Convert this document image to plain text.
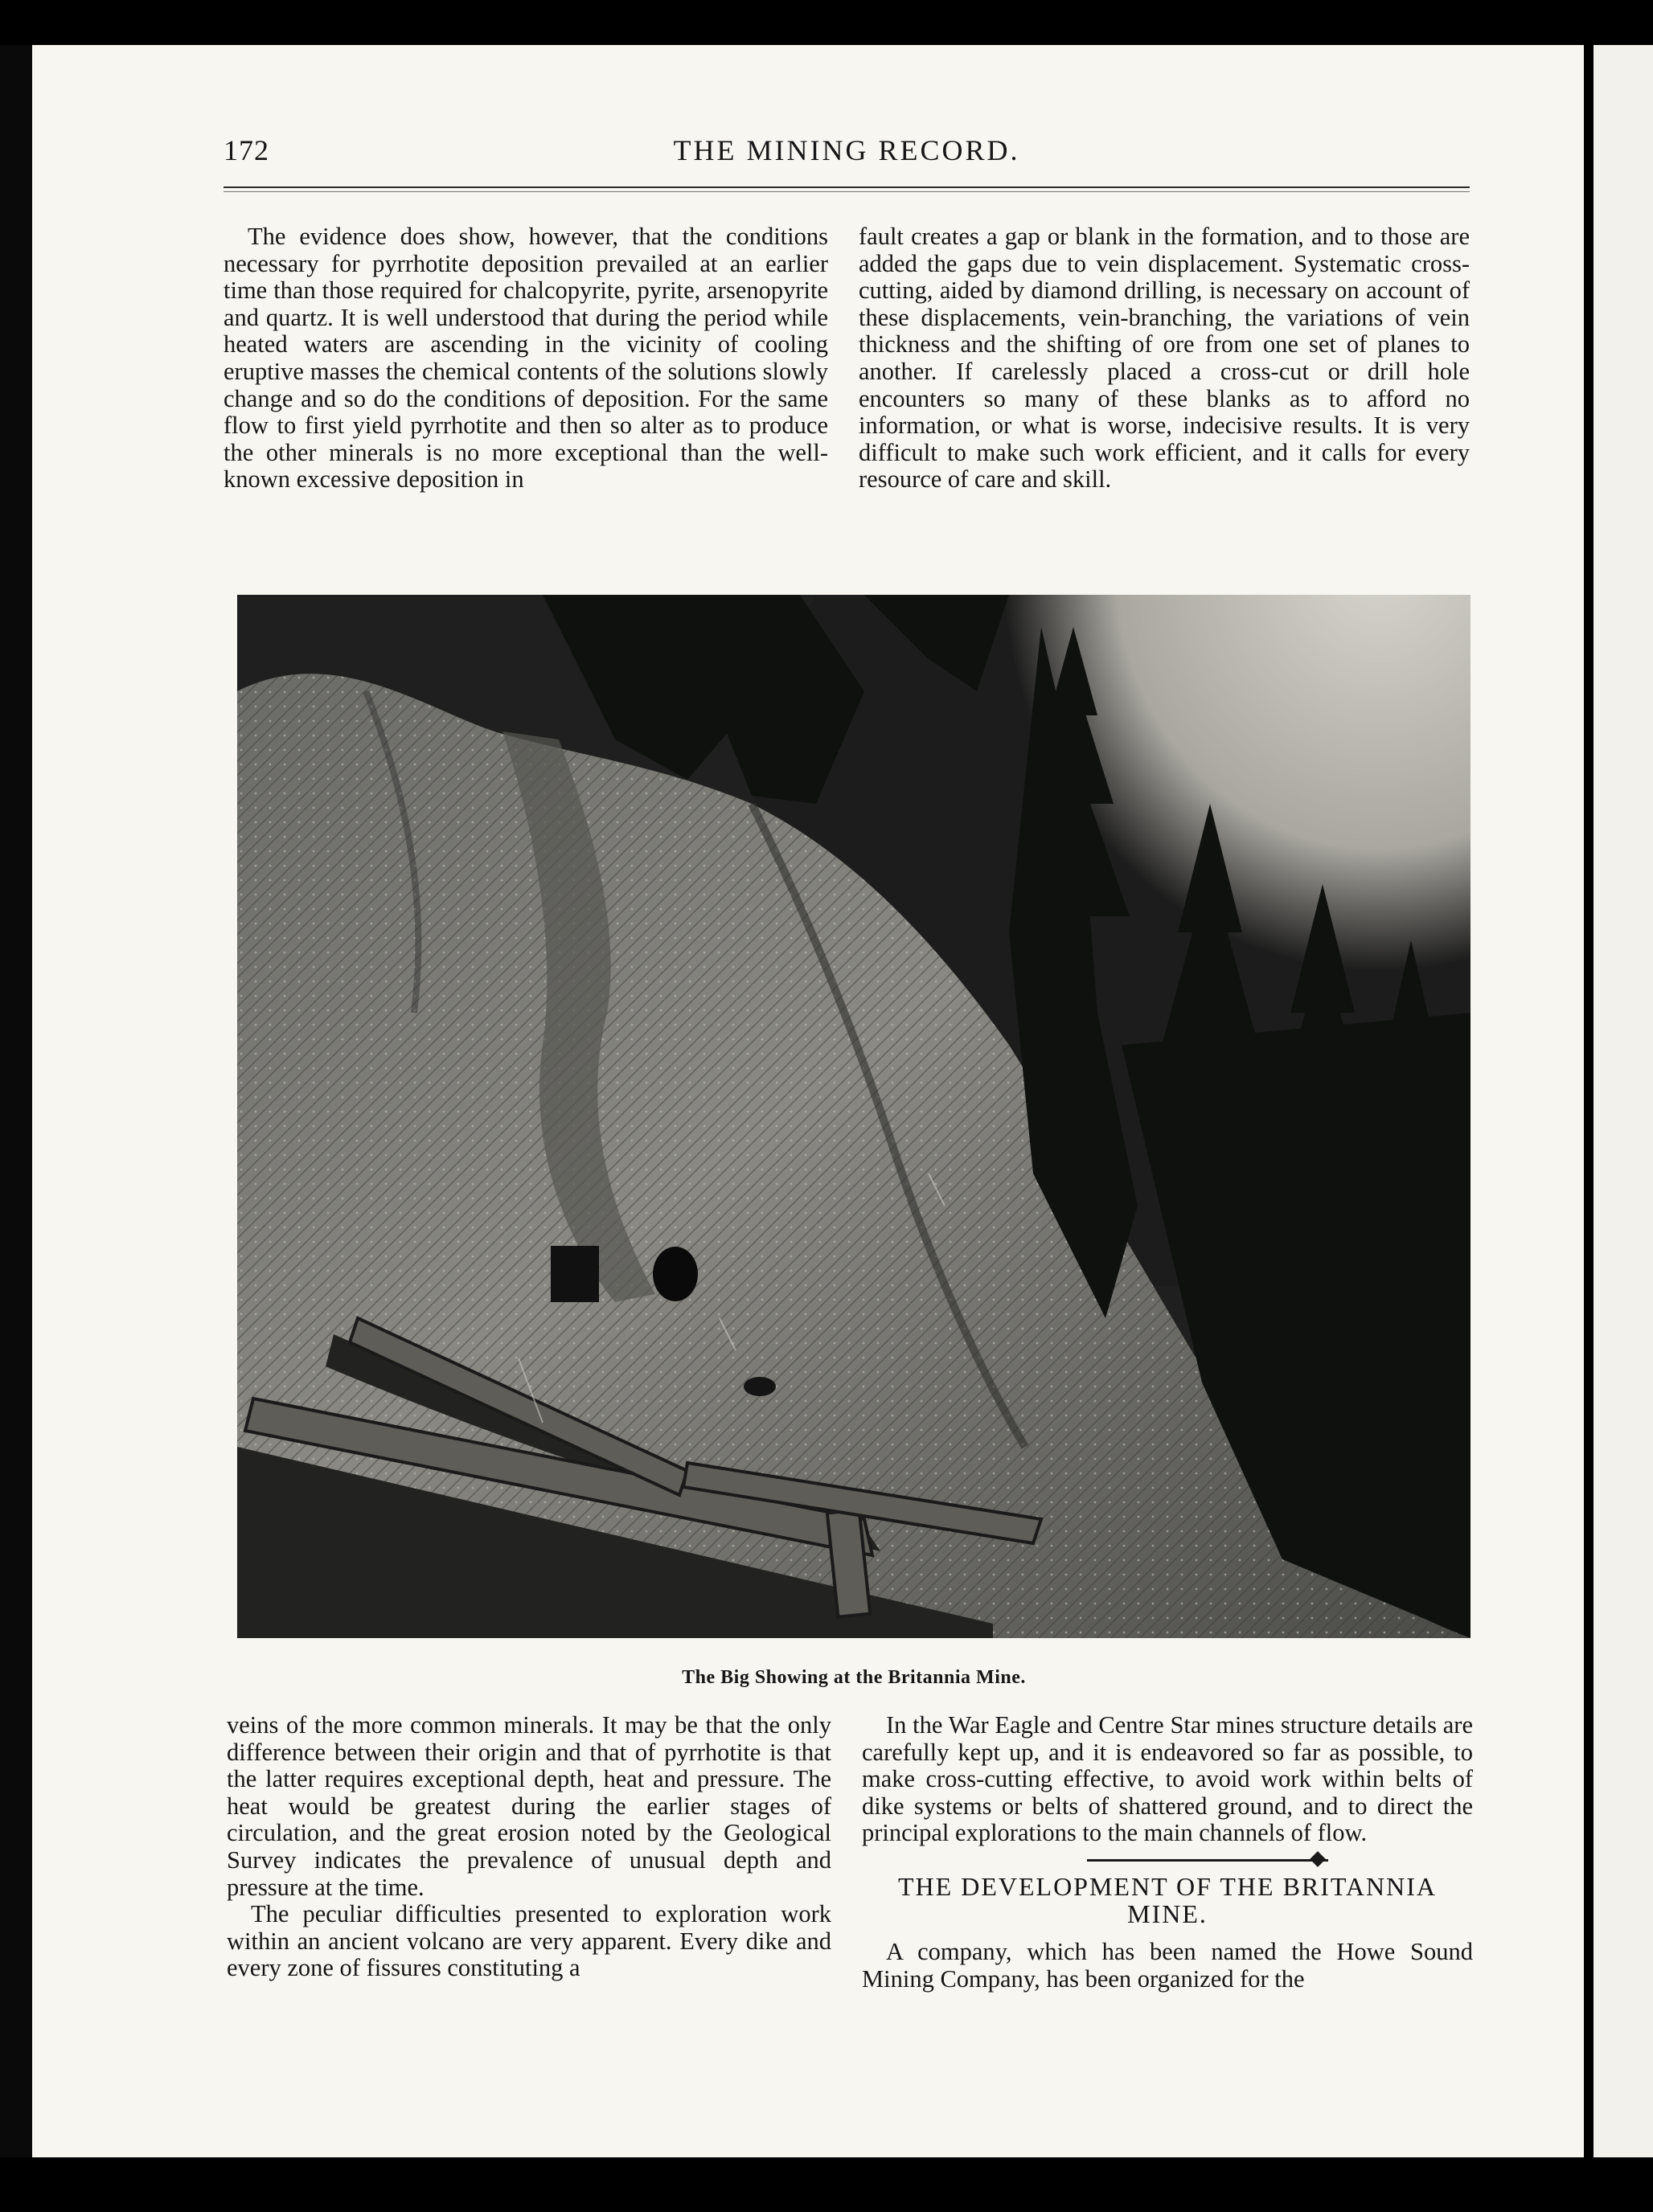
172	THE MINING RECORD.

The evidence does show, however, that the conditions necessary for pyrrhotite deposition prevailed at an earlier time than those required for chalcopyrite, pyrite, arsenopyrite and quartz. It is well understood that during the period while heated waters are ascending in the vicinity of cooling eruptive masses the chemical contents of the solutions slowly change and so do the conditions of deposition. For the same flow to first yield pyrrhotite and then so alter as to produce the other minerals is no more exceptional than the well-known excessive deposition in

fault creates a gap or blank in the formation, and to those are added the gaps due to vein displacement. Systematic cross-cutting, aided by diamond drilling, is necessary on account of these displacements, vein-branching, the variations of vein thickness and the shifting of ore from one set of planes to another. If carelessly placed a cross-cut or drill hole encounters so many of these blanks as to afford no information, or what is worse, indecisive results. It is very difficult to make such work efficient, and it calls for every resource of care and skill.

The Big Showing at the Britannia Mine.

veins of the more common minerals. It may be that the only difference between their origin and that of pyrrhotite is that the latter requires exceptional depth, heat and pressure. The heat would be greatest during the earlier stages of circulation, and the great erosion noted by the Geological Survey indicates the prevalence of unusual depth and pressure at the time.

The peculiar difficulties presented to exploration work within an ancient volcano are very apparent. Every dike and every zone of fissures constituting a

In the War Eagle and Centre Star mines structure details are carefully kept up, and it is endeavored so far as possible, to make cross-cutting effective, to avoid work within belts of dike systems or belts of shattered ground, and to direct the principal explorations to the main channels of flow.

THE DEVELOPMENT OF THE BRITANNIA MINE.

A company, which has been named the Howe Sound Mining Company, has been organized for the
